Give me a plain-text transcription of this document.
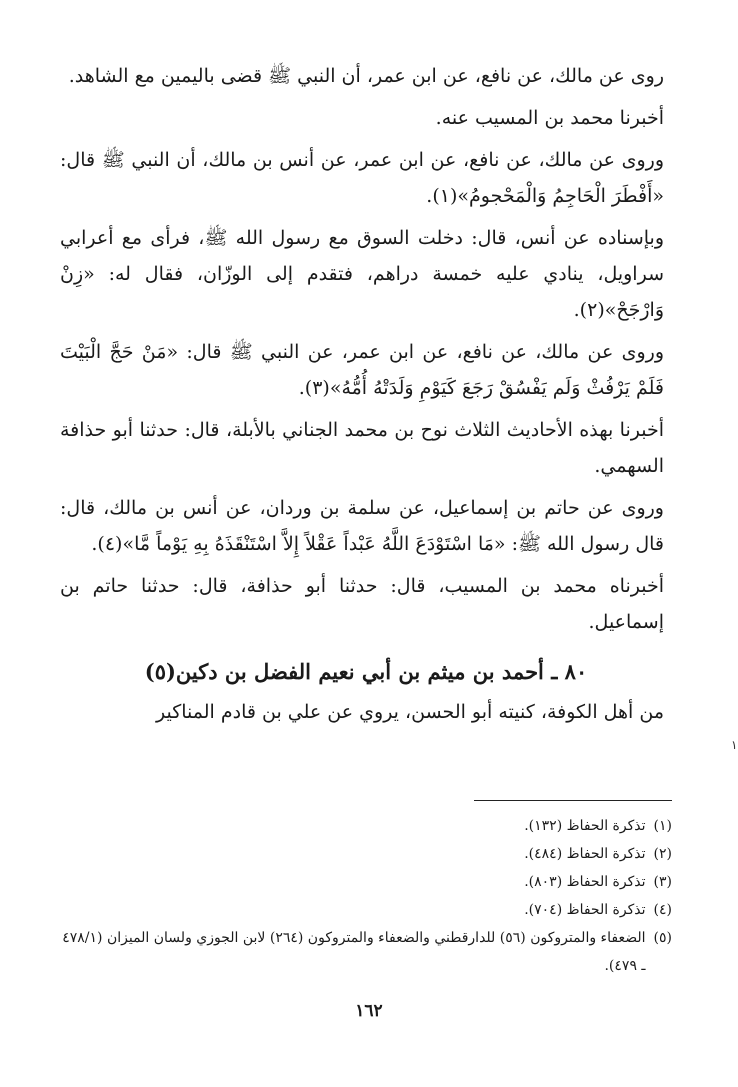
روى عن مالك، عن نافع، عن ابن عمر، أن النبي ﷺ قضى باليمين مع الشاهد.

أخبرنا محمد بن المسيب عنه.

وروى عن مالك، عن نافع، عن ابن عمر، عن أنس بن مالك، أن النبي ﷺ قال: «أَفْطَرَ الْحَاجِمُ وَالْمَحْجومُ»(١).

وبإسناده عن أنس، قال: دخلت السوق مع رسول الله ﷺ، فرأى مع أعرابي سراويل، ينادي عليه خمسة دراهم، فتقدم إلى الوزّان، فقال له: «زِنْ وَارْجَحْ»(٢).

وروى عن مالك، عن نافع، عن ابن عمر، عن النبي ﷺ قال: «مَنْ حَجَّ الْبَيْتَ فَلَمْ يَرْفُثْ وَلَم يَفْسُقْ رَجَعَ كَيَوْمِ وَلَدَتْهُ أُمُّهُ»(٣).

أخبرنا بهذه الأحاديث الثلاث نوح بن محمد الجناني بالأبلة، قال: حدثنا أبو حذافة السهمي.

وروى عن حاتم بن إسماعيل، عن سلمة بن وردان، عن أنس بن مالك، قال: قال رسول الله ﷺ: «مَا اسْتَوْدَعَ اللَّهُ عَبْداً عَقْلاً إِلاَّ اسْتَنْقَذَهُ بِهِ يَوْماً مَّا»(٤).

أخبرناه محمد بن المسيب، قال: حدثنا أبو حذافة، قال: حدثنا حاتم بن إسماعيل.

٨٠ ـ أحمد بن ميثم بن أبي نعيم الفضل بن دكين(٥)

من أهل الكوفة، كنيته أبو الحسن، يروي عن علي بن قادم المناكير

۱

(١)
تذكرة الحفاظ (١٣٢).

(٢)
تذكرة الحفاظ (٤٨٤).

(٣)
تذكرة الحفاظ (٨٠٣).

(٤)
تذكرة الحفاظ (٧٠٤).

(٥)
الضعفاء والمتروكون (٥٦) للدارقطني والضعفاء والمتروكون (٢٦٤) لابن الجوزي ولسان الميزان (٤٧٨/١ ـ ٤٧٩).

١٦٢
